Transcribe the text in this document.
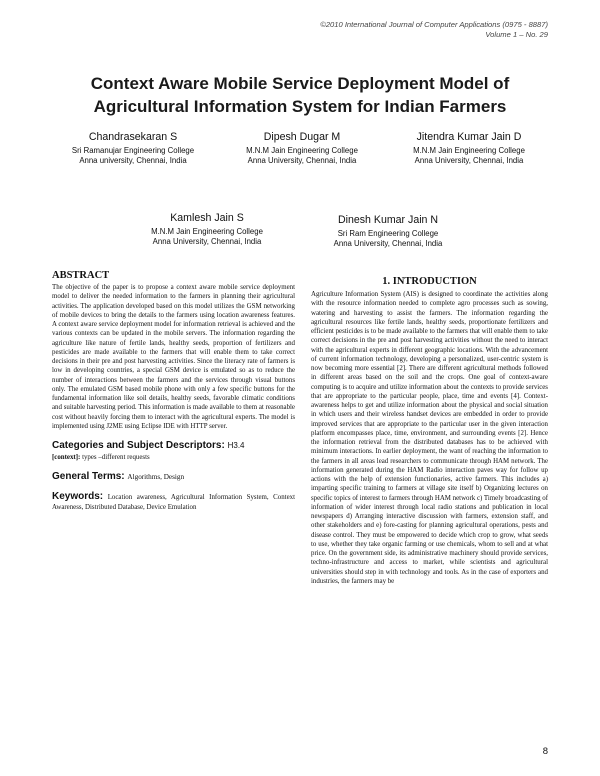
©2010 International Journal of Computer Applications (0975 - 8887)
Volume 1 – No. 29
Context Aware Mobile Service Deployment Model of
Agricultural Information System for Indian Farmers
Chandrasekaran S
Sri Ramanujar Engineering College
Anna university, Chennai, India
Dipesh Dugar M
M.N.M Jain Engineering College
Anna University, Chennai, India
Jitendra Kumar Jain D
M.N.M Jain Engineering College
Anna University, Chennai, India
Kamlesh Jain S
M.N.M Jain Engineering College
Anna University, Chennai, India
Dinesh Kumar Jain N
Sri Ram Engineering College
Anna University, Chennai, India
ABSTRACT

The objective of the paper is to propose a context aware mobile service deployment model to deliver the needed information to the farmers in planning their agricultural activities. The application developed based on this model utilizes the GSM networking of mobile devices to bring the details to the farmers using location awareness features. A context aware service deployment model for information retrieval is achieved and the various contexts can be updated in the mobile servers. The information regarding the agriculture like nature of fertile lands, healthy seeds, proportion of fertilizers and pesticides are made available to the farmers that will enable them to take correct decisions in their pre and post harvesting activities. Since the literacy rate of farmers is low in developing countries, a special GSM device is emulated so as to reduce the number of interactions between the farmers and the services through visual buttons only. The emulated GSM based mobile phone with only a few specific buttons for the fundamental information like soil details, healthy seeds, favorable climatic conditions and suitable harvesting period. This information is made available to them at reasonable cost without heavily forcing them to interact with the agricultural experts. The model is implemented using J2ME using Eclipse IDE with HTTP server.

Categories and Subject Descriptors: H3.4

[context]: types –different requests

General Terms: Algorithms, Design

Keywords: Location awareness, Agricultural Information System, Context Awareness, Distributed Database, Device Emulation

1. INTRODUCTION

Agriculture Information System (AIS) is designed to coordinate the activities along with the resource information needed to complete agro processes such as sowing, watering and harvesting to assist the farmers. The information regarding the agricultural resources like fertile lands, healthy seeds, proportionate fertilizers and efficient pesticides is to be made available to the farmers that will enable them to take correct decisions in the pre and post harvesting activities without the need to interact with the agricultural experts in different geographic locations. With the advancement of current information technology, developing a personalized, user-centric system is now becoming more essential [2]. There are different agricultural methods followed in different areas based on the soil and the crops. One goal of context-aware computing is to acquire and utilize information about the contexts to provide services that are appropriate to the particular people, place, time and events [4]. Context-awareness helps to get and utilize information about the physical and social situation in which users and their wireless handset devices are embedded in order to provide improved services that are appropriate to the particular user in the given interaction platform encompasses place, time, environment, and surrounding events [2]. Hence the information retrieval from the distributed databases has to be achieved with minimum interactions. In earlier deployment, the want of reaching the information to the farmers in all areas lead researchers to communicate through HAM network. The information generated during the HAM Radio interaction paves way for follow up actions with the help of extension functionaries, active farmers. This includes a) imparting specific training to farmers at village site itself b) Organizing lectures on specific topics of interest to farmers through HAM network c) Timely broadcasting of information of wider interest through local radio stations and publication in local newspapers d) Arranging interactive discussion with farmers, extension staff, and other stakeholders and e) fore-casting for planning agricultural operations, pests and disease control. They must be empowered to decide which crop to grow, what seeds to use, whether they take organic farming or use chemicals, whom to sell and at what price. On the government side, its administrative machinery should provide services, techno-infrastructure and access to market, while scientists and agricultural universities should step in with technology and tools. As in the case of exporters and industries, the farmers may be

8
